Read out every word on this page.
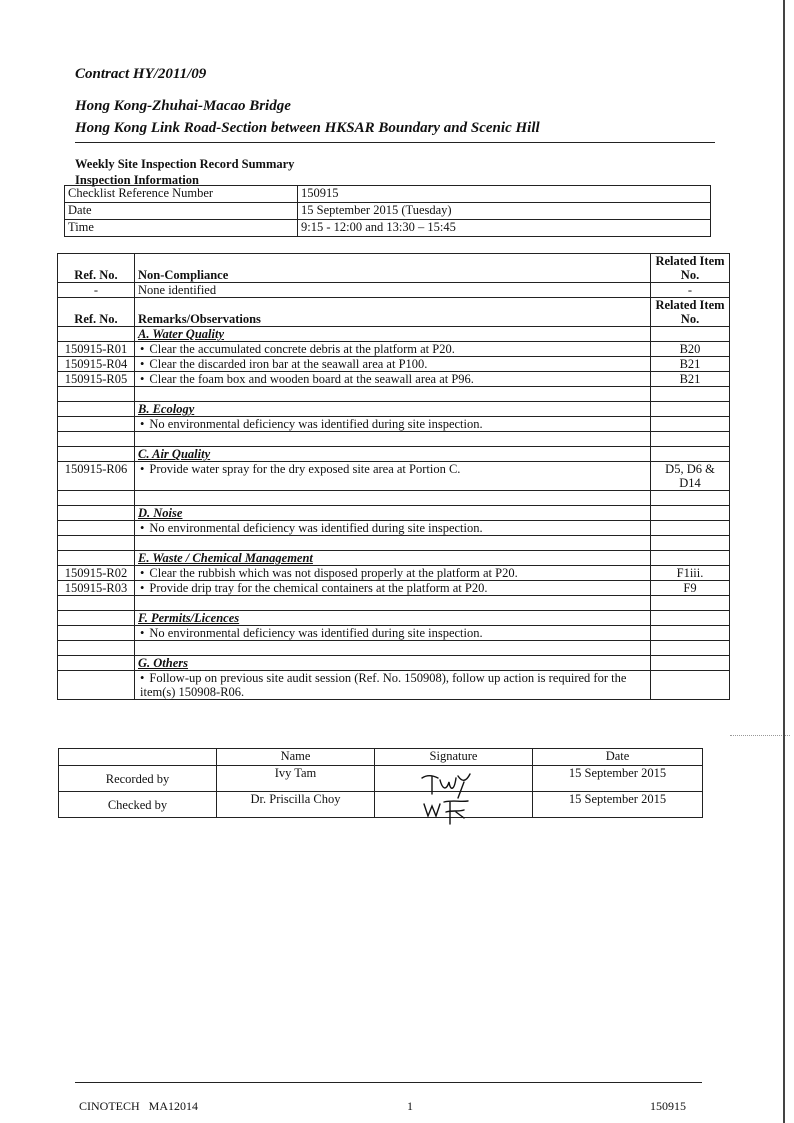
Contract HY/2011/09
Hong Kong-Zhuhai-Macao Bridge
Hong Kong Link Road-Section between HKSAR Boundary and Scenic Hill
Weekly Site Inspection Record Summary
Inspection Information
Checklist Reference Number	150915
Date	15 September 2015 (Tuesday)
Time	9:15 - 12:00 and 13:30 – 15:45
Ref. No.	Non-Compliance	Related Item No.
-	None identified	-
Ref. No.	Remarks/Observations	Related Item No.
	A. Water Quality	
150915-R01	• Clear the accumulated concrete debris at the platform at P20.	B20
150915-R04	• Clear the discarded iron bar at the seawall area at P100.	B21
150915-R05	• Clear the foam box and wooden board at the seawall area at P96.	B21

	B. Ecology	
	• No environmental deficiency was identified during site inspection.	

	C. Air Quality	
150915-R06	• Provide water spray for the dry exposed site area at Portion C.	D5, D6 & D14

	D. Noise	
	• No environmental deficiency was identified during site inspection.	

	E. Waste / Chemical Management	
150915-R02	• Clear the rubbish which was not disposed properly at the platform at P20.	F1iii.
150915-R03	• Provide drip tray for the chemical containers at the platform at P20.	F9

	F. Permits/Licences	
	• No environmental deficiency was identified during site inspection.	

	G. Others	
	• Follow-up on previous site audit session (Ref. No. 150908), follow up action is required for the item(s) 150908-R06.	
	Name	Signature	Date
Recorded by	Ivy Tam		15 September 2015
Checked by	Dr. Priscilla Choy		15 September 2015
CINOTECH MA12014	1	150915
